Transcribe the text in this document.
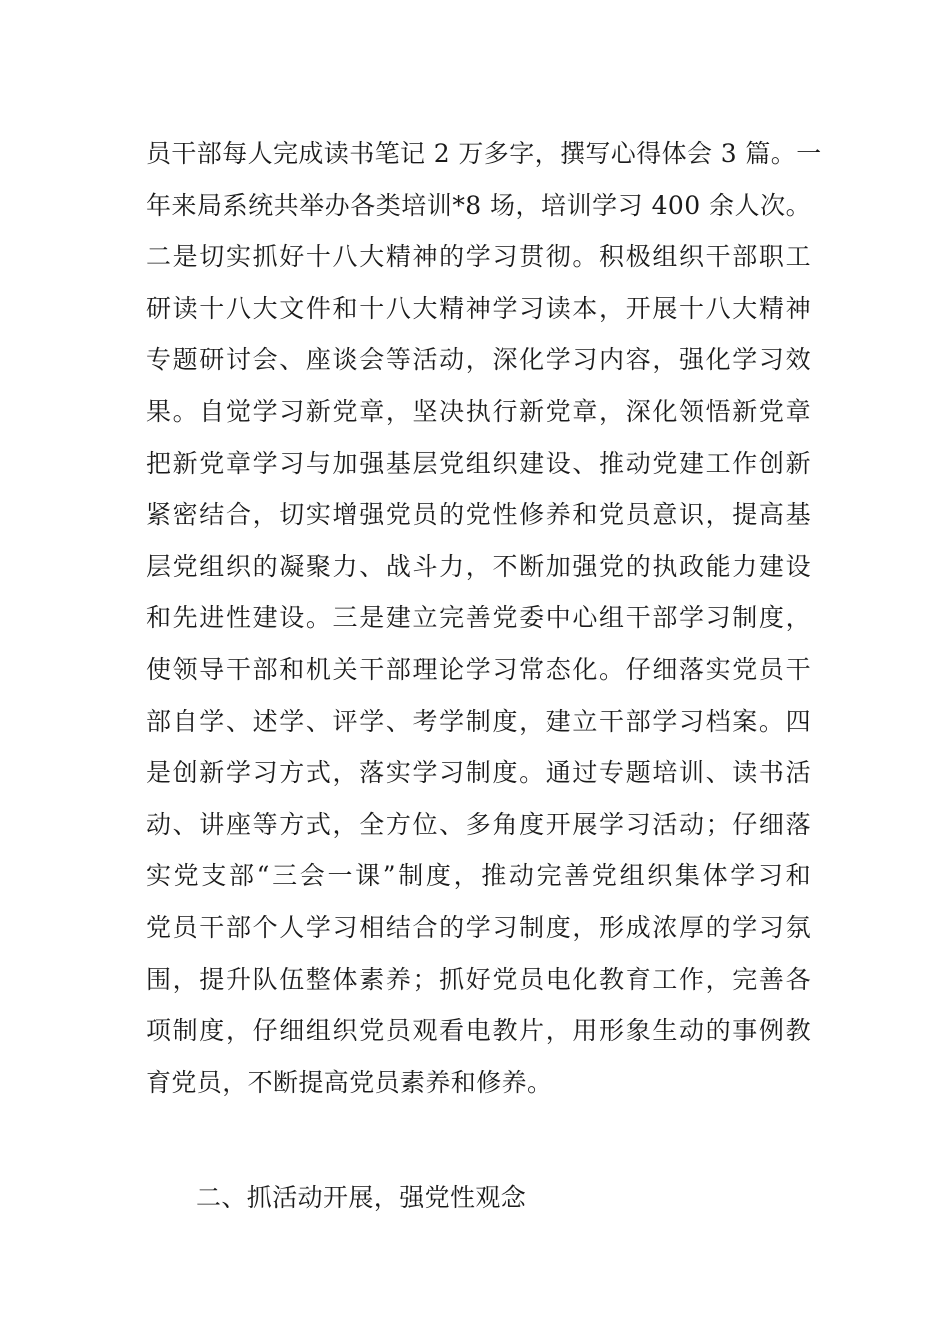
员干部每人完成读书笔记 2 万多字，撰写心得体会 3 篇。一
年来局系统共举办各类培训*8 场，培训学习 400 余人次。
二是切实抓好十八大精神的学习贯彻。积极组织干部职工
研读十八大文件和十八大精神学习读本，开展十八大精神
专题研讨会、座谈会等活动，深化学习内容，强化学习效
果。自觉学习新党章，坚决执行新党章，深化领悟新党章
把新党章学习与加强基层党组织建设、推动党建工作创新
紧密结合，切实增强党员的党性修养和党员意识，提高基
层党组织的凝聚力、战斗力，不断加强党的执政能力建设
和先进性建设。三是建立完善党委中心组干部学习制度，
使领导干部和机关干部理论学习常态化。仔细落实党员干
部自学、述学、评学、考学制度，建立干部学习档案。四
是创新学习方式，落实学习制度。通过专题培训、读书活
动、讲座等方式，全方位、多角度开展学习活动；仔细落
实党支部“三会一课”制度，推动完善党组织集体学习和
党员干部个人学习相结合的学习制度，形成浓厚的学习氛
围，提升队伍整体素养；抓好党员电化教育工作，完善各
项制度，仔细组织党员观看电教片，用形象生动的事例教
育党员，不断提高党员素养和修养。
二、抓活动开展，强党性观念
